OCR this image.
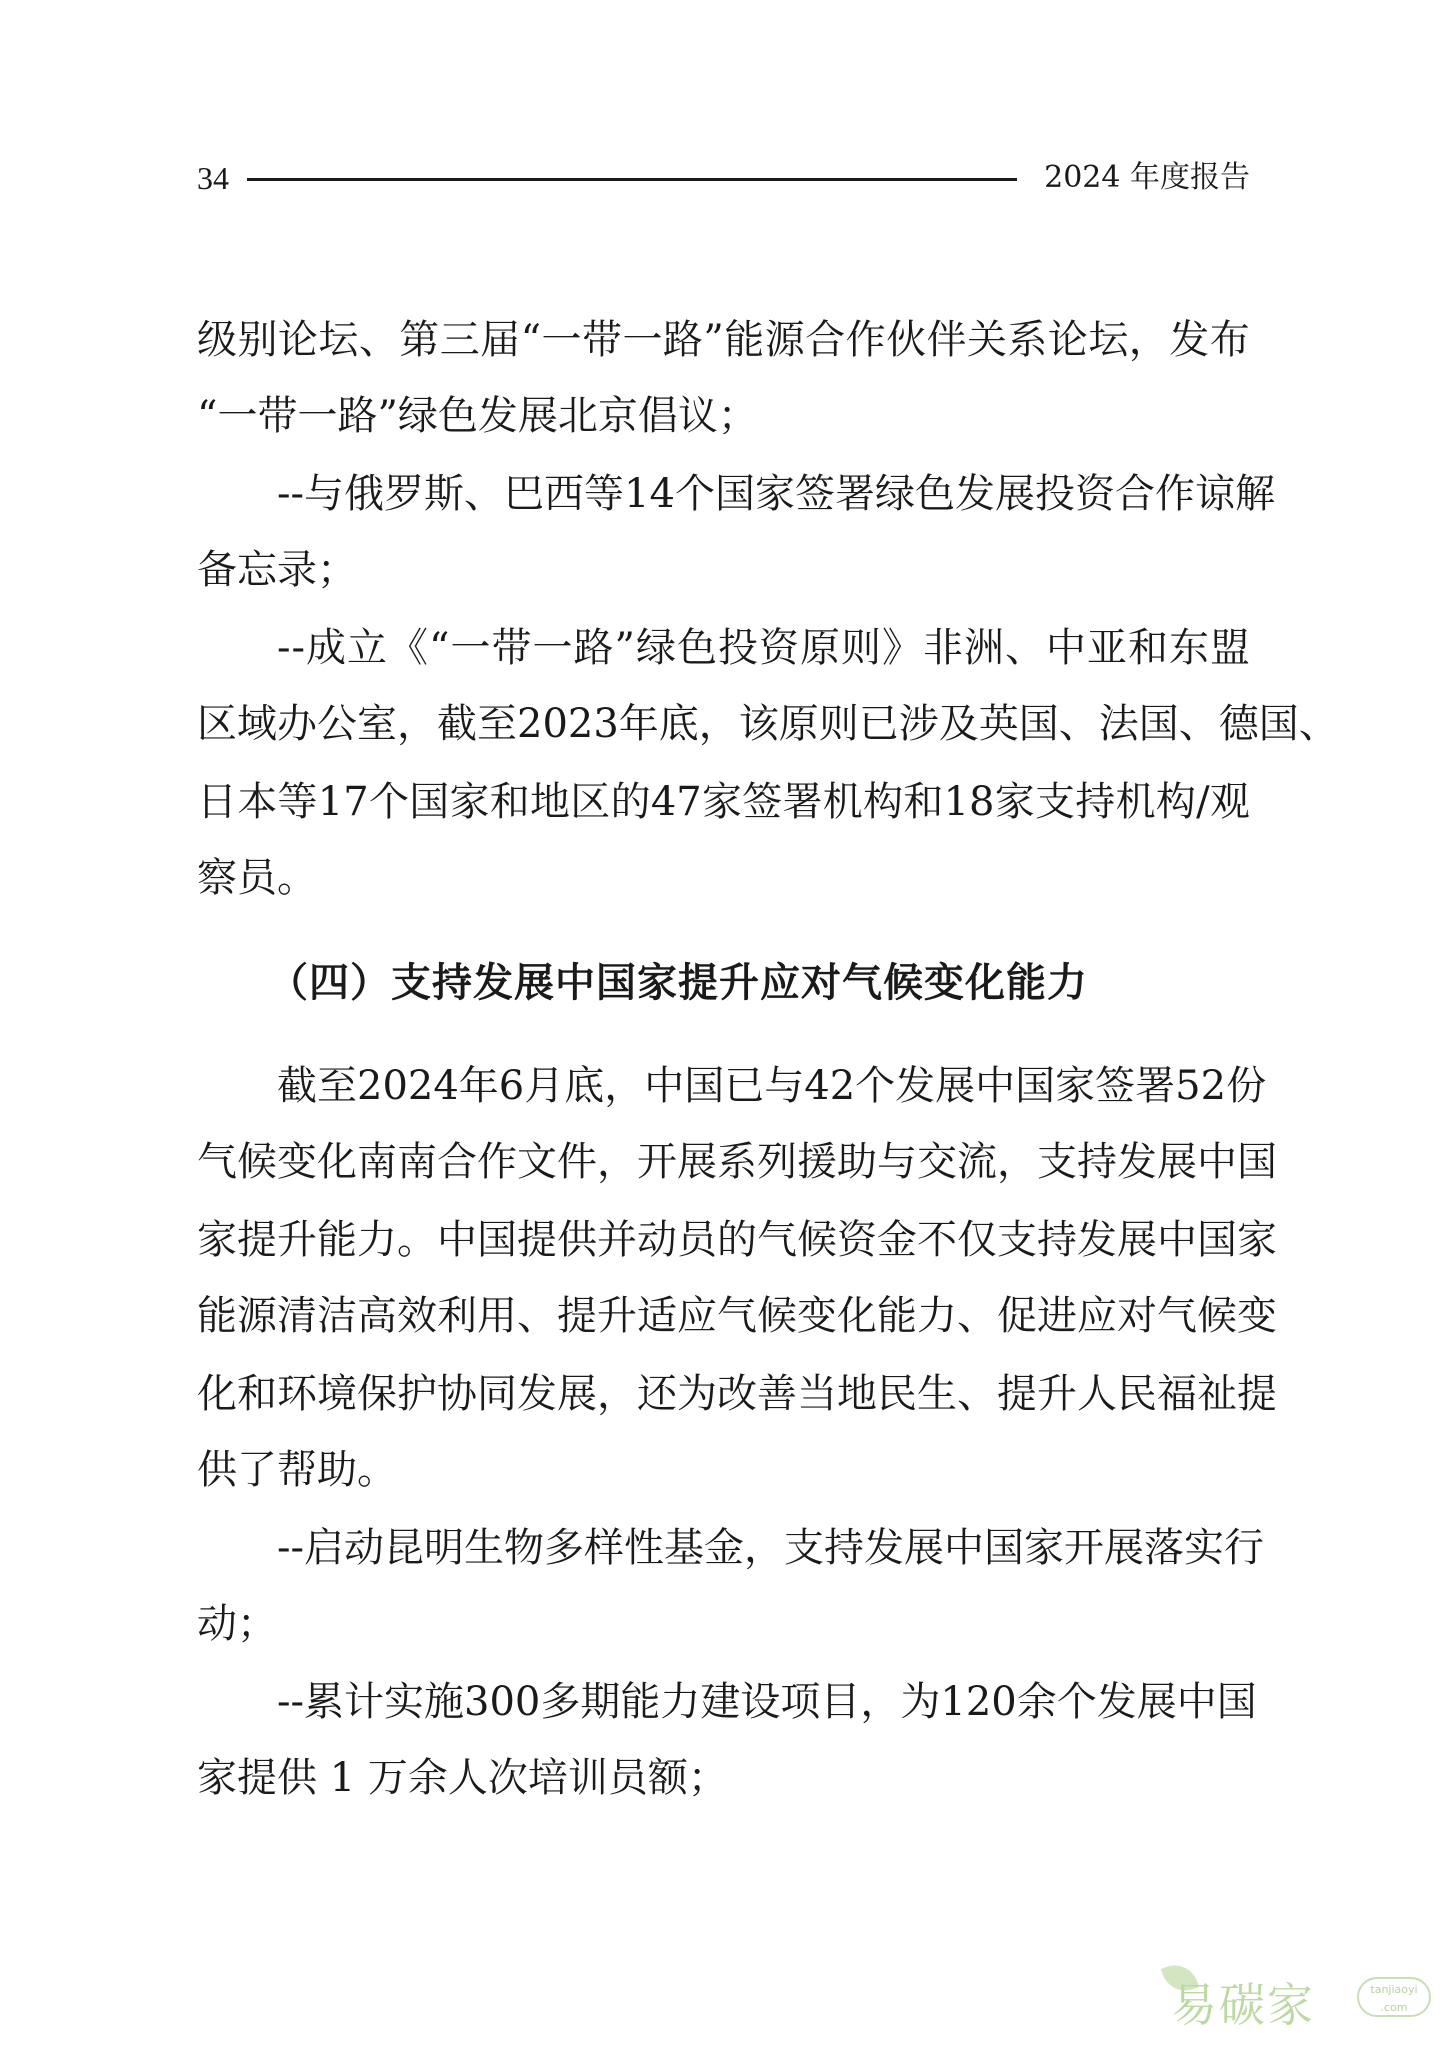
34	2024 年度报告
级 别 论 坛 、 第 三 届 “ 一 带 一 路 ” 能 源 合 作 伙 伴 关 系 论 坛 ， 发 布
“一带一路”绿色发展北京倡议；
- - 与 俄 罗 斯 、 巴 西 等 14 个 国 家 签 署 绿 色 发 展 投 资 合 作 谅 解
备忘录；
- - 成 立 《 “ 一 带 一 路 ” 绿 色 投 资 原 则 》 非 洲 、 中 亚 和 东 盟
区 域 办 公 室 ， 截 至 2023 年 底 ， 该 原 则 已 涉 及 英 国 、 法 国 、 德 国 、
日 本 等 17 个 国 家 和 地 区 的 47 家 签 署 机 构 和 18 家 支 持 机 构 / 观
察员。
（四）支持发展中国家提升应对气候变化能力
截 至 2024 年 6 月 底 ， 中 国 已 与 42 个 发 展 中 国 家 签 署 52 份
气 候 变 化 南 南 合 作 文 件 ， 开 展 系 列 援 助 与 交 流 ， 支 持 发 展 中 国
家 提 升 能 力 。 中 国 提 供 并 动 员 的 气 候 资 金 不 仅 支 持 发 展 中 国 家
能 源 清 洁 高 效 利 用 、 提 升 适 应 气 候 变 化 能 力 、 促 进 应 对 气 候 变
化 和 环 境 保 护 协 同 发 展 ， 还 为 改 善 当 地 民 生 、 提 升 人 民 福 祉 提
供了帮助。
- - 启 动 昆 明 生 物 多 样 性 基 金 ， 支 持 发 展 中 国 家 开 展 落 实 行
动；
- - 累 计 实 施 300 多 期 能 力 建 设 项 目 ， 为 120 余 个 发 展 中 国
家提供 1 万余人次培训员额；
易碳家	tanjiaoyi
.com
